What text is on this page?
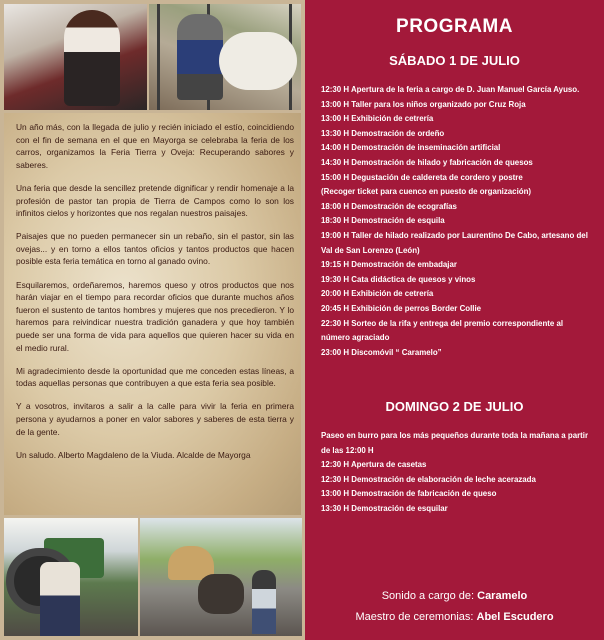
Un año más, con la llegada de julio y recién iniciado el estío, coincidiendo con el fin de semana en el que en Mayorga se celebraba la feria de los carros, organizamos la Feria Tierra y Oveja: Recuperando sabores y saberes.

Una feria que desde la sencillez pretende dignificar y rendir homenaje a la profesión de pastor tan propia de Tierra de Campos como lo son los infinitos cielos y horizontes que nos regalan nuestros paisajes.

Paisajes que no pueden permanecer sin un rebaño, sin el pastor, sin las ovejas... y en torno a ellos tantos oficios y tantos productos que hacen posible esta feria temática en torno al ganado ovino.

Esquilaremos, ordeñaremos, haremos queso y otros productos que nos harán viajar en el tiempo para recordar oficios que durante muchos años fueron el sustento de tantos hombres y mujeres que nos precedieron. Y lo haremos para reivindicar nuestra tradición ganadera y que hoy también puede ser una forma de vida para aquellos que quieren hacer su vida en el medio rural.

Mi agradecimiento desde la oportunidad que me conceden estas líneas, a todas aquellas personas que contribuyen a que esta feria sea posible.

Y a vosotros, invitaros a salir a la calle para vivir la feria en primera persona y ayudarnos a poner en valor sabores y saberes de esta tierra y de la gente.

Un saludo. Alberto Magdaleno de la Viuda. Alcalde de Mayorga

PROGRAMA
SÁBADO 1 DE JULIO
12:30 H Apertura de la feria a cargo de D. Juan Manuel García Ayuso.
13:00 H Taller para los niños organizado por Cruz Roja
13:00 H Exhibición de cetrería
13:30 H Demostración de ordeño
14:00 H Demostración de inseminación artificial
14:30 H Demostración de hilado y fabricación de quesos
15:00 H Degustación de caldereta de cordero y postre
(Recoger ticket para cuenco en puesto de organización)
18:00 H Demostración de ecografías
18:30 H Demostración de esquila
19:00 H Taller de hilado realizado por Laurentino De Cabo, artesano del
Val de San Lorenzo (León)
19:15 H Demostración de embadajar
19:30 H Cata didáctica de quesos y vinos
20:00 H Exhibición de cetrería
20:45 H Exhibición de perros Border Collie
22:30 H Sorteo de la rifa y entrega del premio correspondiente al
número agraciado
23:00 H Discomóvil “ Caramelo”
DOMINGO 2 DE JULIO
Paseo en burro para los más pequeños durante toda la mañana a partir
de las 12:00 H
12:30 H Apertura de casetas
12:30 H Demostración de elaboración de leche acerazada
13:00 H Demostración de fabricación de queso
13:30 H Demostración de esquilar
Sonido a cargo de: Caramelo
Maestro de ceremonias: Abel Escudero
